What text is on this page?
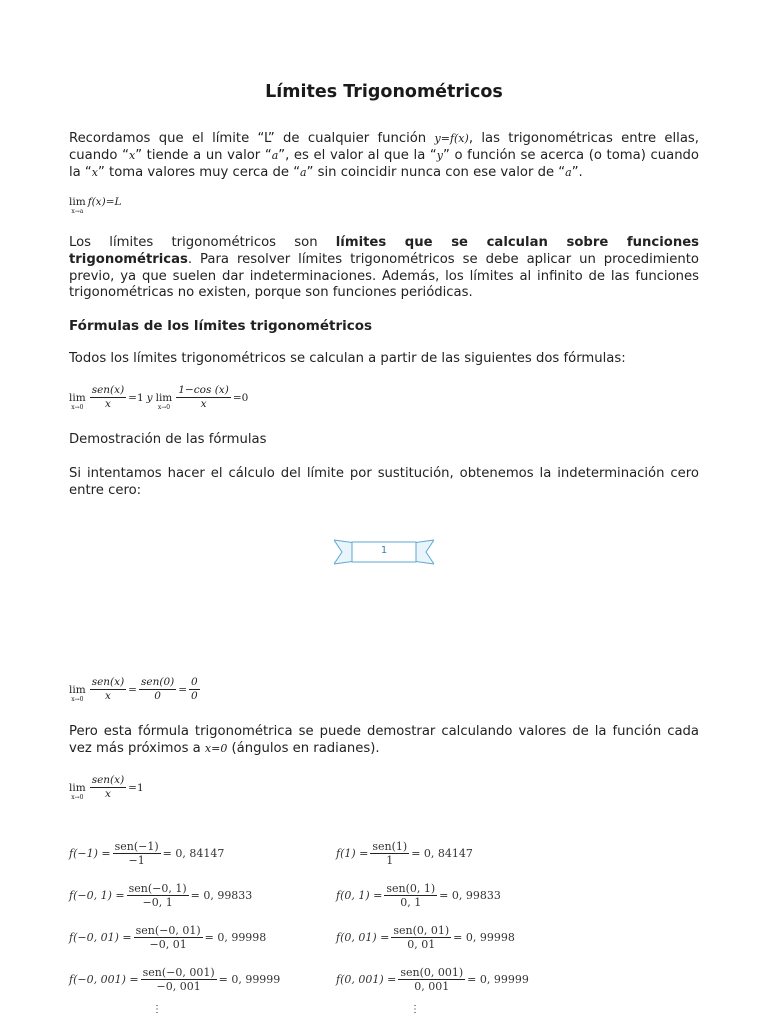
Límites Trigonométricos
Recordamos que el límite “L” de cualquier función y=f(x), las trigonométricas entre ellas, cuando “x” tiende a un valor “a”, es el valor al que la “y” o función se acerca (o toma) cuando la “x” toma valores muy cerca de “a” sin coincidir nunca con ese valor de “a”.
lim
x→a
f(x)=L
Los límites trigonométricos son límites que se calculan sobre funciones trigonométricas. Para resolver límites trigonométricos se debe aplicar un procedimiento previo, ya que suelen dar indeterminaciones. Además, los límites al infinito de las funciones trigonométricas no existen, porque son funciones periódicas.
Fórmulas de los límites trigonométricos
Todos los límites trigonométricos se calculan a partir de las siguientes dos fórmulas:
lim
$x\to 0 \frac{\text{sen(x)}}{x} =1$ y lim
$x\to 0 \frac{1-\cos (x)}{x} =0$
Demostración de las fórmulas
Si intentamos hacer el cálculo del límite por sustitución, obtenemos la indeterminación cero entre cero:
1
lim
$x\to 0 \frac{\text{sen(x)}}{x} = \frac{\text{sen(0)}}{0} = \frac{0}{0}$
Pero esta fórmula trigonométrica se puede demostrar calculando valores de la función cada vez más próximos a x=0 (ángulos en radianes).
lim
$x\to 0 \frac{\text{sen(x)}}{x} =1$
$f(-1) = \frac{\text{sen(−1)}}{-1} = 0$, 84147
f(−0, $1) = \frac{\text{sen(−0, 1)}}{-0, 1} = 0$, 99833
f(−0, $01) = \frac{\text{sen(−0, 01)}}{-0, 01} = 0$, 99998
f(−0, $001) = \frac{\text{sen(−0, 001)}}{-0, 001} = 0$, 99999
⋮
$f(1) = \frac{\text{sen(1)}}{1} = 0$, 84147
f(0, $1) = \frac{\text{sen(0, 1)}}{0, 1} = 0$, 99833
f(0, $01) = \frac{\text{sen(0, 01)}}{0, 01} = 0$, 99998
f(0, $001) = \frac{\text{sen(0, 001)}}{0, 001} = 0$, 99999
⋮
